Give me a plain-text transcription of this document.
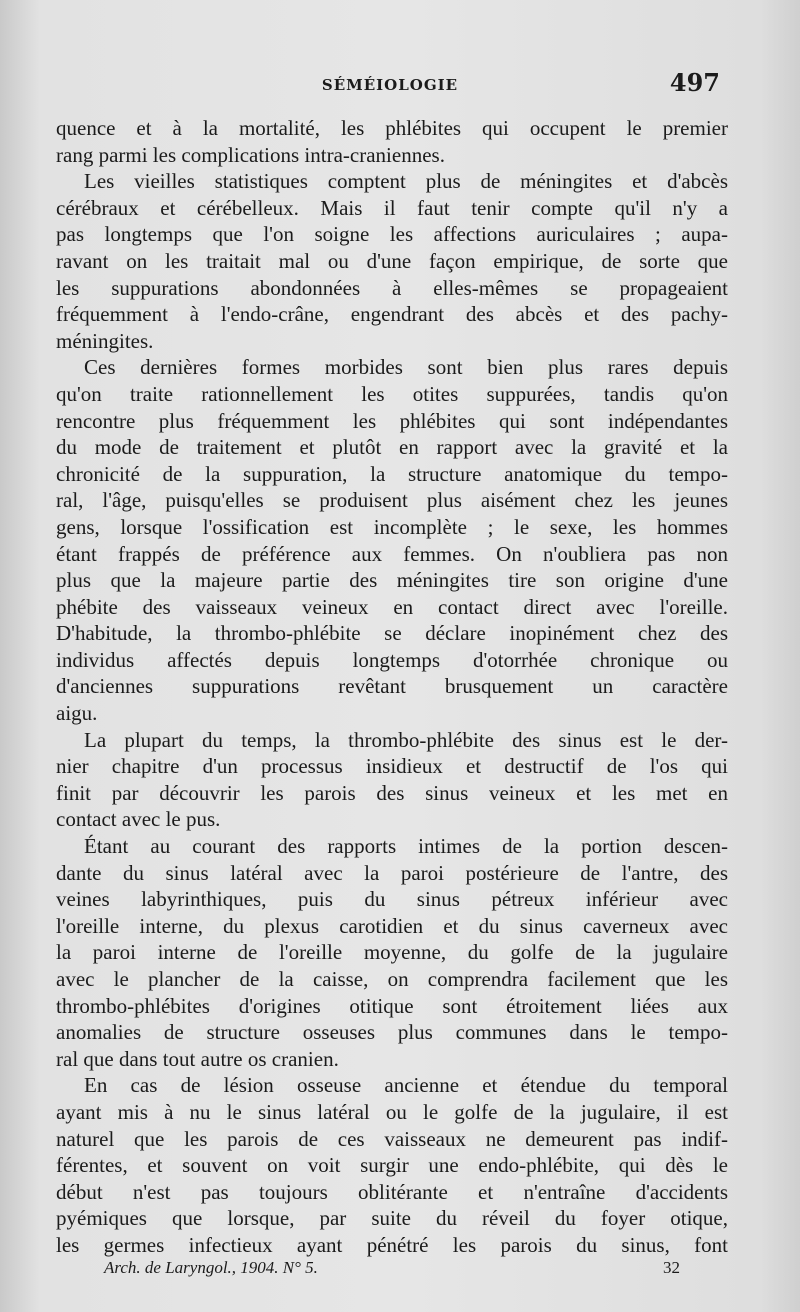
SÉMÉIOLOGIE	497
quence et à la mortalité, les phlébites qui occupent le premier
rang parmi les complications intra-craniennes.
Les vieilles statistiques comptent plus de méningites et d'abcès
cérébraux et cérébelleux. Mais il faut tenir compte qu'il n'y a
pas longtemps que l'on soigne les affections auriculaires ; aupa-
ravant on les traitait mal ou d'une façon empirique, de sorte que
les suppurations abondonnées à elles-mêmes se propageaient
fréquemment à l'endo-crâne, engendrant des abcès et des pachy-
méningites.
Ces dernières formes morbides sont bien plus rares depuis
qu'on traite rationnellement les otites suppurées, tandis qu'on
rencontre plus fréquemment les phlébites qui sont indépendantes
du mode de traitement et plutôt en rapport avec la gravité et la
chronicité de la suppuration, la structure anatomique du tempo-
ral, l'âge, puisqu'elles se produisent plus aisément chez les jeunes
gens, lorsque l'ossification est incomplète ; le sexe, les hommes
étant frappés de préférence aux femmes. On n'oubliera pas non
plus que la majeure partie des méningites tire son origine d'une
phébite des vaisseaux veineux en contact direct avec l'oreille.
D'habitude, la thrombo-phlébite se déclare inopinément chez des
individus affectés depuis longtemps d'otorrhée chronique ou
d'anciennes suppurations revêtant brusquement un caractère
aigu.
La plupart du temps, la thrombo-phlébite des sinus est le der-
nier chapitre d'un processus insidieux et destructif de l'os qui
finit par découvrir les parois des sinus veineux et les met en
contact avec le pus.
Étant au courant des rapports intimes de la portion descen-
dante du sinus latéral avec la paroi postérieure de l'antre, des
veines labyrinthiques, puis du sinus pétreux inférieur avec
l'oreille interne, du plexus carotidien et du sinus caverneux avec
la paroi interne de l'oreille moyenne, du golfe de la jugulaire
avec le plancher de la caisse, on comprendra facilement que les
thrombo-phlébites d'origines otitique sont étroitement liées aux
anomalies de structure osseuses plus communes dans le tempo-
ral que dans tout autre os cranien.
En cas de lésion osseuse ancienne et étendue du temporal
ayant mis à nu le sinus latéral ou le golfe de la jugulaire, il est
naturel que les parois de ces vaisseaux ne demeurent pas indif-
férentes, et souvent on voit surgir une endo-phlébite, qui dès le
début n'est pas toujours oblitérante et n'entraîne d'accidents
pyémiques que lorsque, par suite du réveil du foyer otique,
les germes infectieux ayant pénétré les parois du sinus, font
Arch. de Laryngol., 1904. N° 5.	32
